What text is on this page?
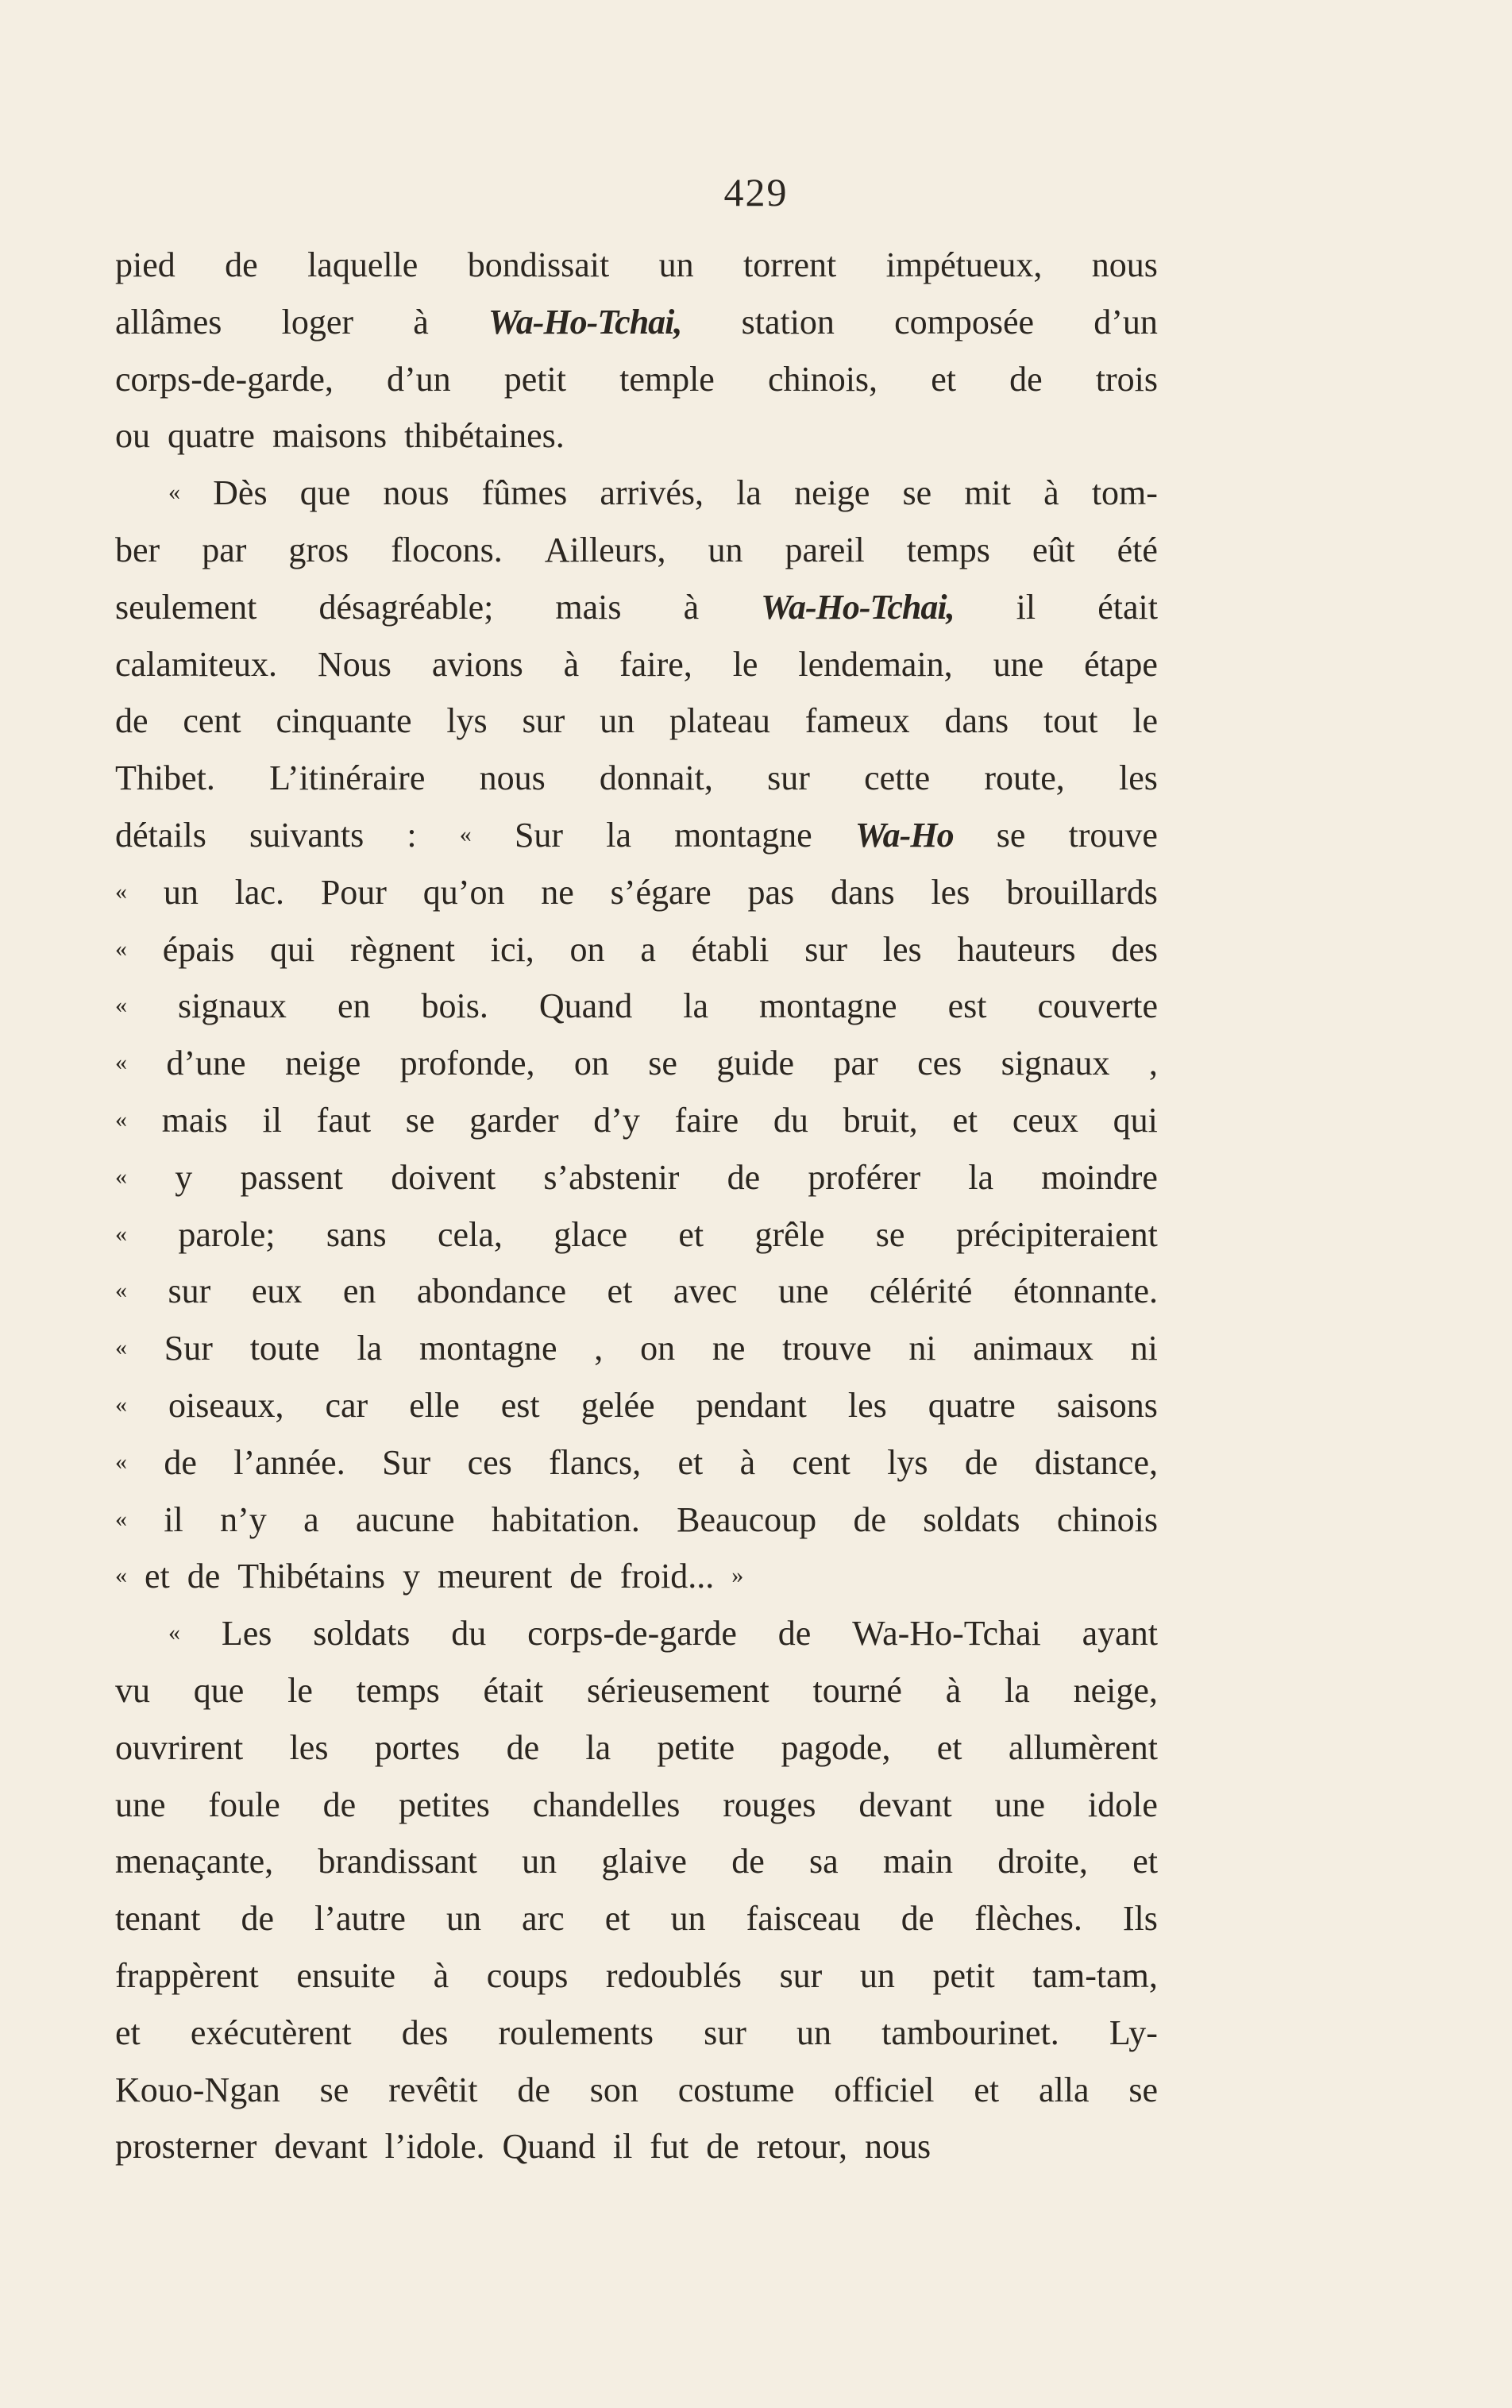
429
pied de laquelle bondissait un torrent impétueux, nous
allâmes loger à Wa-Ho-Tchai, station composée d’un
corps-de-garde, d’un petit temple chinois, et de trois
ou quatre maisons thibétaines.
« Dès que nous fûmes arrivés, la neige se mit à tom-
ber par gros flocons. Ailleurs, un pareil temps eût été
seulement désagréable; mais à Wa-Ho-Tchai, il était
calamiteux. Nous avions à faire, le lendemain, une étape
de cent cinquante lys sur un plateau fameux dans tout le
Thibet. L’itinéraire nous donnait, sur cette route, les
détails suivants : « Sur la montagne Wa-Ho se trouve
« un lac. Pour qu’on ne s’égare pas dans les brouillards
« épais qui règnent ici, on a établi sur les hauteurs des
« signaux en bois. Quand la montagne est couverte
« d’une neige profonde, on se guide par ces signaux ,
« mais il faut se garder d’y faire du bruit, et ceux qui
« y passent doivent s’abstenir de proférer la moindre
« parole; sans cela, glace et grêle se précipiteraient
« sur eux en abondance et avec une célérité étonnante.
« Sur toute la montagne , on ne trouve ni animaux ni
« oiseaux, car elle est gelée pendant les quatre saisons
« de l’année. Sur ces flancs, et à cent lys de distance,
« il n’y a aucune habitation. Beaucoup de soldats chinois
« et de Thibétains y meurent de froid... »
« Les soldats du corps-de-garde de Wa-Ho-Tchai ayant
vu que le temps était sérieusement tourné à la neige,
ouvrirent les portes de la petite pagode, et allumèrent
une foule de petites chandelles rouges devant une idole
menaçante, brandissant un glaive de sa main droite, et
tenant de l’autre un arc et un faisceau de flèches. Ils
frappèrent ensuite à coups redoublés sur un petit tam-tam,
et exécutèrent des roulements sur un tambourinet. Ly-
Kouo-Ngan se revêtit de son costume officiel et alla se
prosterner devant l’idole. Quand il fut de retour, nous
